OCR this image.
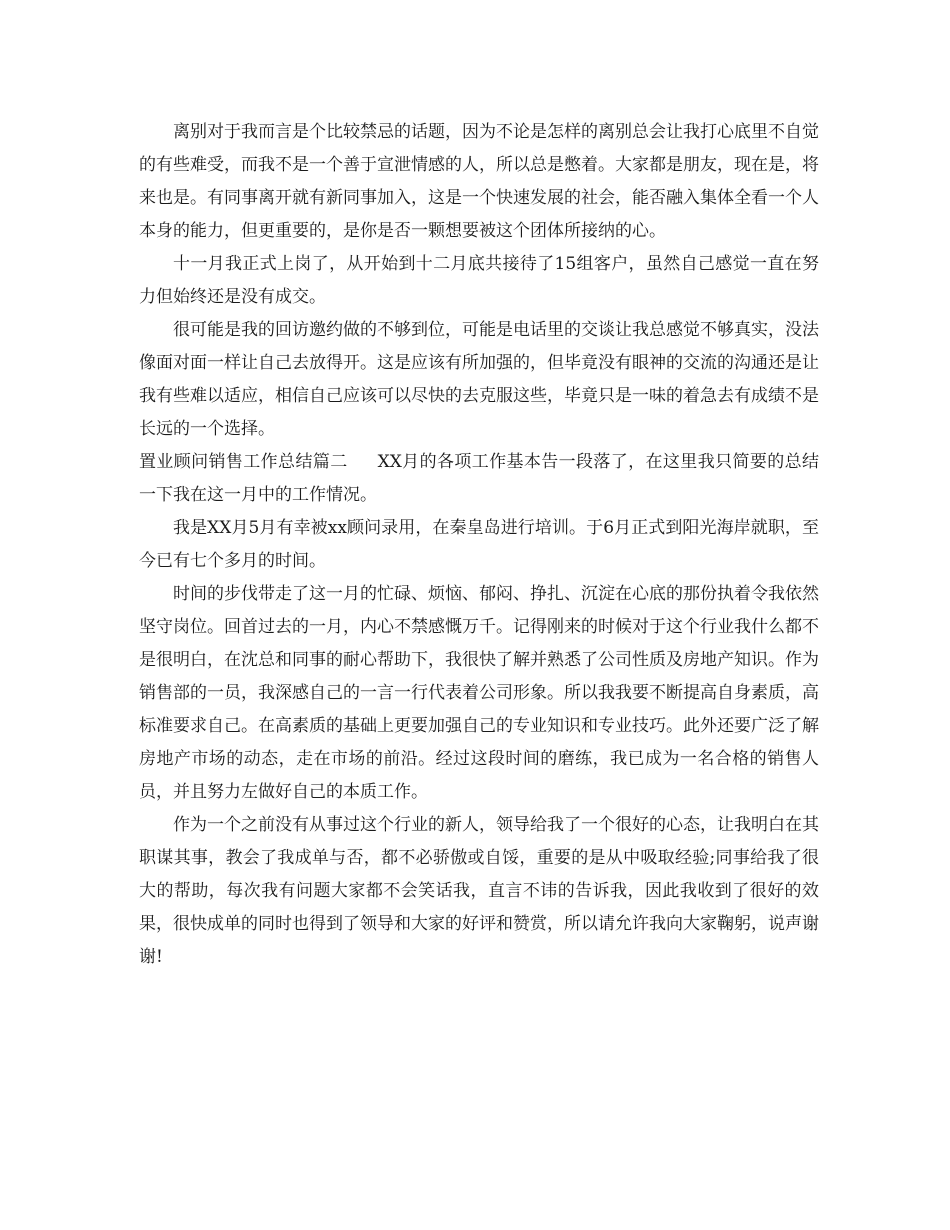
离别对于我而言是个比较禁忌的话题，因为不论是怎样的离别总会让我打心底里不自觉的有些难受，而我不是一个善于宣泄情感的人，所以总是憋着。大家都是朋友，现在是，将来也是。有同事离开就有新同事加入，这是一个快速发展的社会，能否融入集体全看一个人本身的能力，但更重要的，是你是否一颗想要被这个团体所接纳的心。

十一月我正式上岗了，从开始到十二月底共接待了15组客户，虽然自己感觉一直在努力但始终还是没有成交。

很可能是我的回访邀约做的不够到位，可能是电话里的交谈让我总感觉不够真实，没法像面对面一样让自己去放得开。这是应该有所加强的，但毕竟没有眼神的交流的沟通还是让我有些难以适应，相信自己应该可以尽快的去克服这些，毕竟只是一味的着急去有成绩不是长远的一个选择。

置业顾问销售工作总结篇二 XX月的各项工作基本告一段落了，在这里我只简要的总结一下我在这一月中的工作情况。

我是XX月5月有幸被xx顾问录用，在秦皇岛进行培训。于6月正式到阳光海岸就职，至今已有七个多月的时间。

时间的步伐带走了这一月的忙碌、烦恼、郁闷、挣扎、沉淀在心底的那份执着令我依然坚守岗位。回首过去的一月，内心不禁感慨万千。记得刚来的时候对于这个行业我什么都不是很明白，在沈总和同事的耐心帮助下，我很快了解并熟悉了公司性质及房地产知识。作为销售部的一员，我深感自己的一言一行代表着公司形象。所以我我要不断提高自身素质，高标准要求自己。在高素质的基础上更要加强自己的专业知识和专业技巧。此外还要广泛了解房地产市场的动态，走在市场的前沿。经过这段时间的磨练，我已成为一名合格的销售人员，并且努力左做好自己的本质工作。

作为一个之前没有从事过这个行业的新人，领导给我了一个很好的心态，让我明白在其职谋其事，教会了我成单与否，都不必骄傲或自馁，重要的是从中吸取经验;同事给我了很大的帮助，每次我有问题大家都不会笑话我，直言不讳的告诉我，因此我收到了很好的效果，很快成单的同时也得到了领导和大家的好评和赞赏，所以请允许我向大家鞠躬，说声谢谢!
